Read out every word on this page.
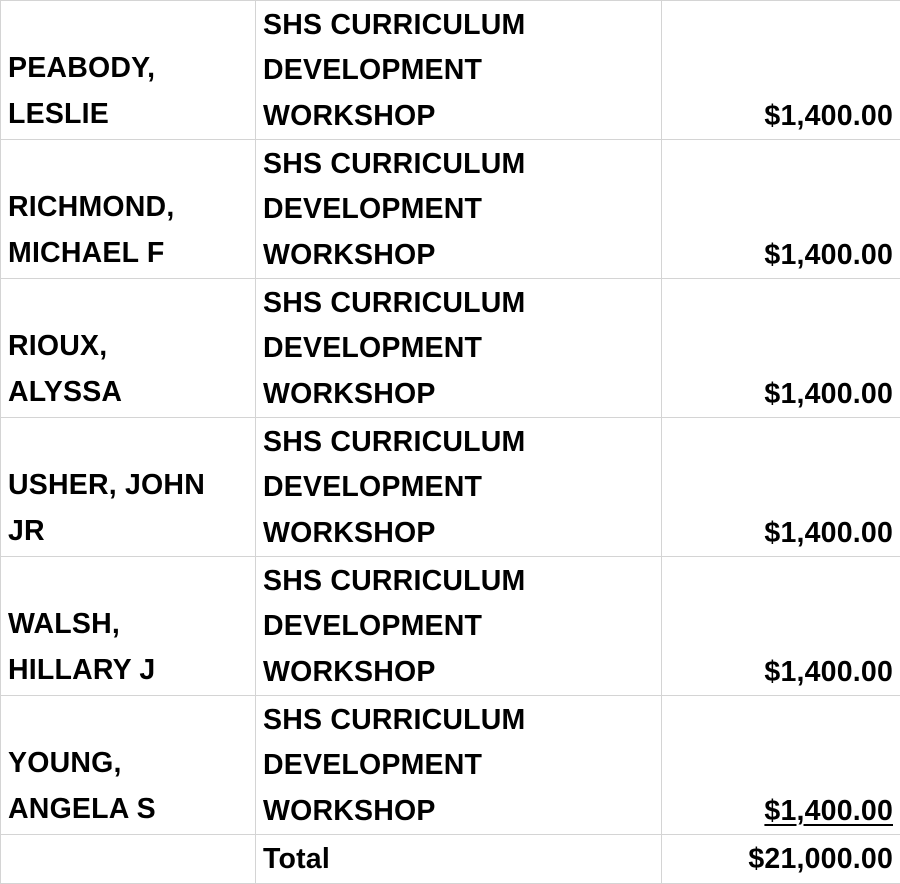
PEABODY,
LESLIE	SHS CURRICULUM
DEVELOPMENT
WORKSHOP	$1,400.00

RICHMOND,
MICHAEL F	SHS CURRICULUM
DEVELOPMENT
WORKSHOP	$1,400.00

RIOUX,
ALYSSA	SHS CURRICULUM
DEVELOPMENT
WORKSHOP	$1,400.00

USHER, JOHN
JR	SHS CURRICULUM
DEVELOPMENT
WORKSHOP	$1,400.00

WALSH,
HILLARY J	SHS CURRICULUM
DEVELOPMENT
WORKSHOP	$1,400.00

YOUNG,
ANGELA S	SHS CURRICULUM
DEVELOPMENT
WORKSHOP	$1,400.00
	Total	$21,000.00
